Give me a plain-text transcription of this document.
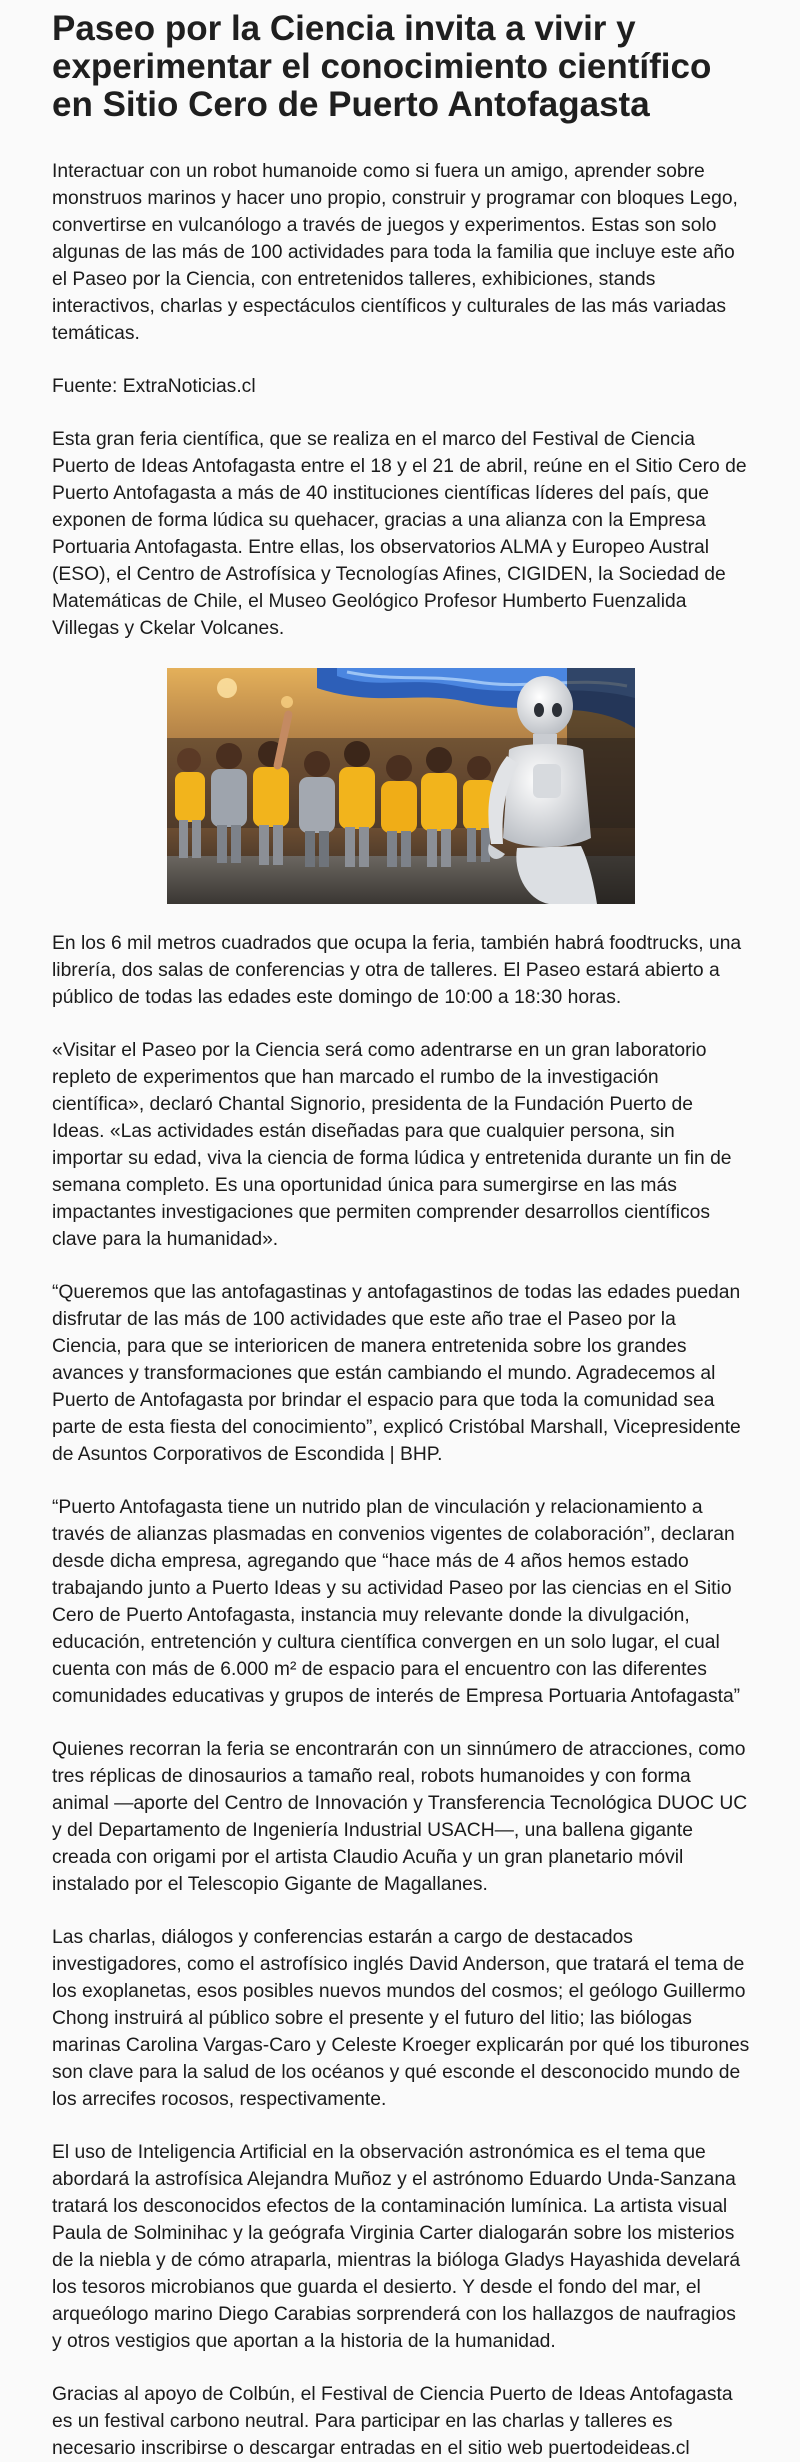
Paseo por la Ciencia invita a vivir y experimentar el conocimiento científico en Sitio Cero de Puerto Antofagasta

Interactuar con un robot humanoide como si fuera un amigo, aprender sobre monstruos marinos y hacer uno propio, construir y programar con bloques Lego, convertirse en vulcanólogo a través de juegos y experimentos. Estas son solo algunas de las más de 100 actividades para toda la familia que incluye este año el Paseo por la Ciencia, con entretenidos talleres, exhibiciones, stands interactivos, charlas y espectáculos científicos y culturales de las más variadas temáticas.

Fuente: ExtraNoticias.cl

Esta gran feria científica, que se realiza en el marco del Festival de Ciencia Puerto de Ideas Antofagasta entre el 18 y el 21 de abril, reúne en el Sitio Cero de Puerto Antofagasta a más de 40 instituciones científicas líderes del país, que exponen de forma lúdica su quehacer, gracias a una alianza con la Empresa Portuaria Antofagasta. Entre ellas, los observatorios ALMA y Europeo Austral (ESO), el Centro de Astrofísica y Tecnologías Afines, CIGIDEN, la Sociedad de Matemáticas de Chile, el Museo Geológico Profesor Humberto Fuenzalida Villegas y Ckelar Volcanes.

En los 6 mil metros cuadrados que ocupa la feria, también habrá foodtrucks, una librería, dos salas de conferencias y otra de talleres. El Paseo estará abierto a público de todas las edades este domingo de 10:00 a 18:30 horas.

«Visitar el Paseo por la Ciencia será como adentrarse en un gran laboratorio repleto de experimentos que han marcado el rumbo de la investigación científica», declaró Chantal Signorio, presidenta de la Fundación Puerto de Ideas. «Las actividades están diseñadas para que cualquier persona, sin importar su edad, viva la ciencia de forma lúdica y entretenida durante un fin de semana completo. Es una oportunidad única para sumergirse en las más impactantes investigaciones que permiten comprender desarrollos científicos clave para la humanidad».

“Queremos que las antofagastinas y antofagastinos de todas las edades puedan disfrutar de las más de 100 actividades que este año trae el Paseo por la Ciencia, para que se interioricen de manera entretenida sobre los grandes avances y transformaciones que están cambiando el mundo. Agradecemos al Puerto de Antofagasta por brindar el espacio para que toda la comunidad sea parte de esta fiesta del conocimiento”, explicó Cristóbal Marshall, Vicepresidente de Asuntos Corporativos de Escondida | BHP.

“Puerto Antofagasta tiene un nutrido plan de vinculación y relacionamiento a través de alianzas plasmadas en convenios vigentes de colaboración”, declaran desde dicha empresa, agregando que “hace más de 4 años hemos estado trabajando junto a Puerto Ideas y su actividad Paseo por las ciencias en el Sitio Cero de Puerto Antofagasta, instancia muy relevante donde la divulgación, educación, entretención y cultura científica convergen en un solo lugar, el cual cuenta con más de 6.000 m² de espacio para el encuentro con las diferentes comunidades educativas y grupos de interés de Empresa Portuaria Antofagasta”

Quienes recorran la feria se encontrarán con un sinnúmero de atracciones, como tres réplicas de dinosaurios a tamaño real, robots humanoides y con forma animal —aporte del Centro de Innovación y Transferencia Tecnológica DUOC UC y del Departamento de Ingeniería Industrial USACH—, una ballena gigante creada con origami por el artista Claudio Acuña y un gran planetario móvil instalado por el Telescopio Gigante de Magallanes.

Las charlas, diálogos y conferencias estarán a cargo de destacados investigadores, como el astrofísico inglés David Anderson, que tratará el tema de los exoplanetas, esos posibles nuevos mundos del cosmos; el geólogo Guillermo Chong instruirá al público sobre el presente y el futuro del litio; las biólogas marinas Carolina Vargas-Caro y Celeste Kroeger explicarán por qué los tiburones son clave para la salud de los océanos y qué esconde el desconocido mundo de los arrecifes rocosos, respectivamente.

El uso de Inteligencia Artificial en la observación astronómica es el tema que abordará la astrofísica Alejandra Muñoz y el astrónomo Eduardo Unda-Sanzana tratará los desconocidos efectos de la contaminación lumínica. La artista visual Paula de Solminihac y la geógrafa Virginia Carter dialogarán sobre los misterios de la niebla y de cómo atraparla, mientras la bióloga Gladys Hayashida develará los tesoros microbianos que guarda el desierto. Y desde el fondo del mar, el arqueólogo marino Diego Carabias sorprenderá con los hallazgos de naufragios y otros vestigios que aportan a la historia de la humanidad.

Gracias al apoyo de Colbún, el Festival de Ciencia Puerto de Ideas Antofagasta es un festival carbono neutral. Para participar en las charlas y talleres es necesario inscribirse o descargar entradas en el sitio web puertodeideas.cl
